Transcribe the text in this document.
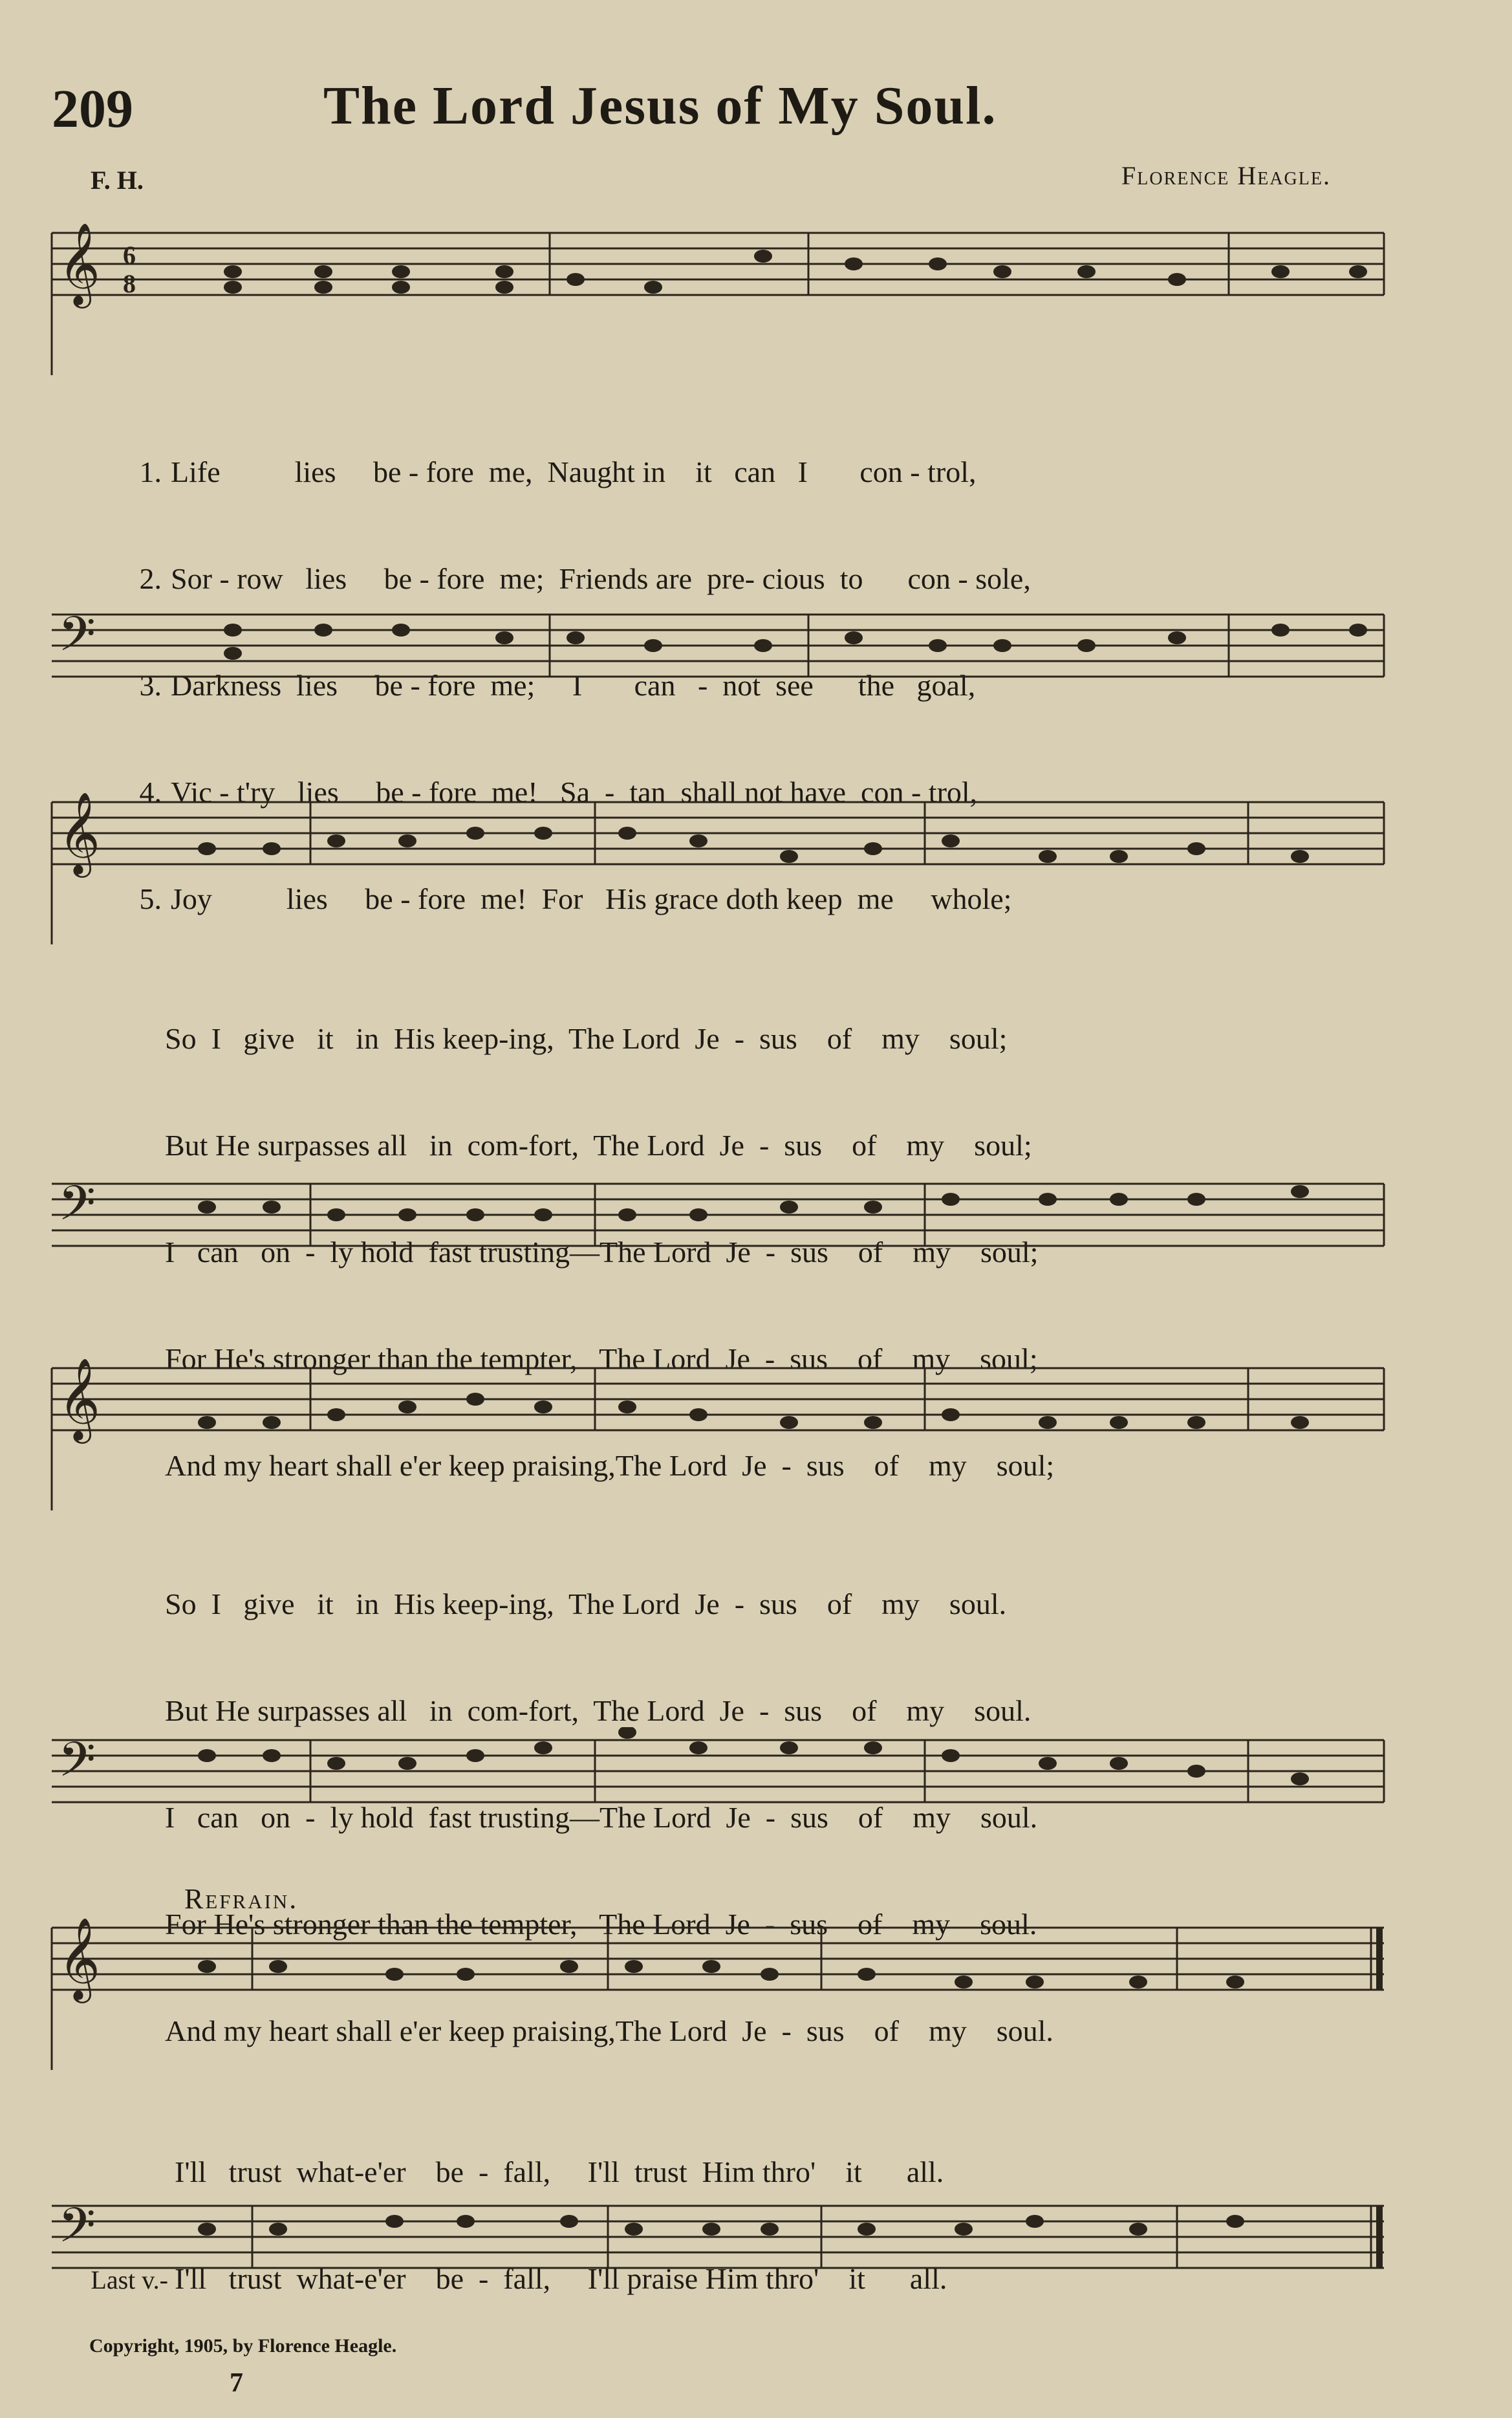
209	The Lord Jesus of My Soul.
F. H.	Florence Heagle.
𝄞 6
8

1. Life          lies     be - fore  me,  Naught in    it   can   I       con - trol,

2. Sor - row   lies     be - fore  me;  Friends are  pre- cious  to      con - sole,

3. Darkness  lies     be - fore  me;     I       can   -  not  see      the   goal,

4. Vic - t'ry   lies     be - fore  me!   Sa  -  tan  shall not have  con - trol,

5. Joy          lies     be - fore  me!  For   His grace doth keep  me     whole;

𝄢
𝄞

So  I   give   it   in  His keep-ing,  The Lord  Je  -  sus    of    my    soul;

But He surpasses all   in  com-fort,  The Lord  Je  -  sus    of    my    soul;

I   can   on  -  ly hold  fast trusting—The Lord  Je  -  sus    of    my    soul;

For He's stronger than the tempter,   The Lord  Je  -  sus    of    my    soul;

And my heart shall e'er keep praising,The Lord  Je  -  sus    of    my    soul;

𝄢
𝄞

So  I   give   it   in  His keep-ing,  The Lord  Je  -  sus    of    my    soul.

But He surpasses all   in  com-fort,  The Lord  Je  -  sus    of    my    soul.

I   can   on  -  ly hold  fast trusting—The Lord  Je  -  sus    of    my    soul.

For He's stronger than the tempter,   The Lord  Je  -  sus    of    my    soul.

And my heart shall e'er keep praising,The Lord  Je  -  sus    of    my    soul.

𝄢
Refrain.
𝄞

I'll   trust  what-e'er    be  -  fall,     I'll  trust  Him thro'    it      all.

Last v.- I'll   trust  what-e'er    be  -  fall,     I'll praise Him thro'    it      all.

𝄢
Copyright, 1905, by Florence Heagle.
7
